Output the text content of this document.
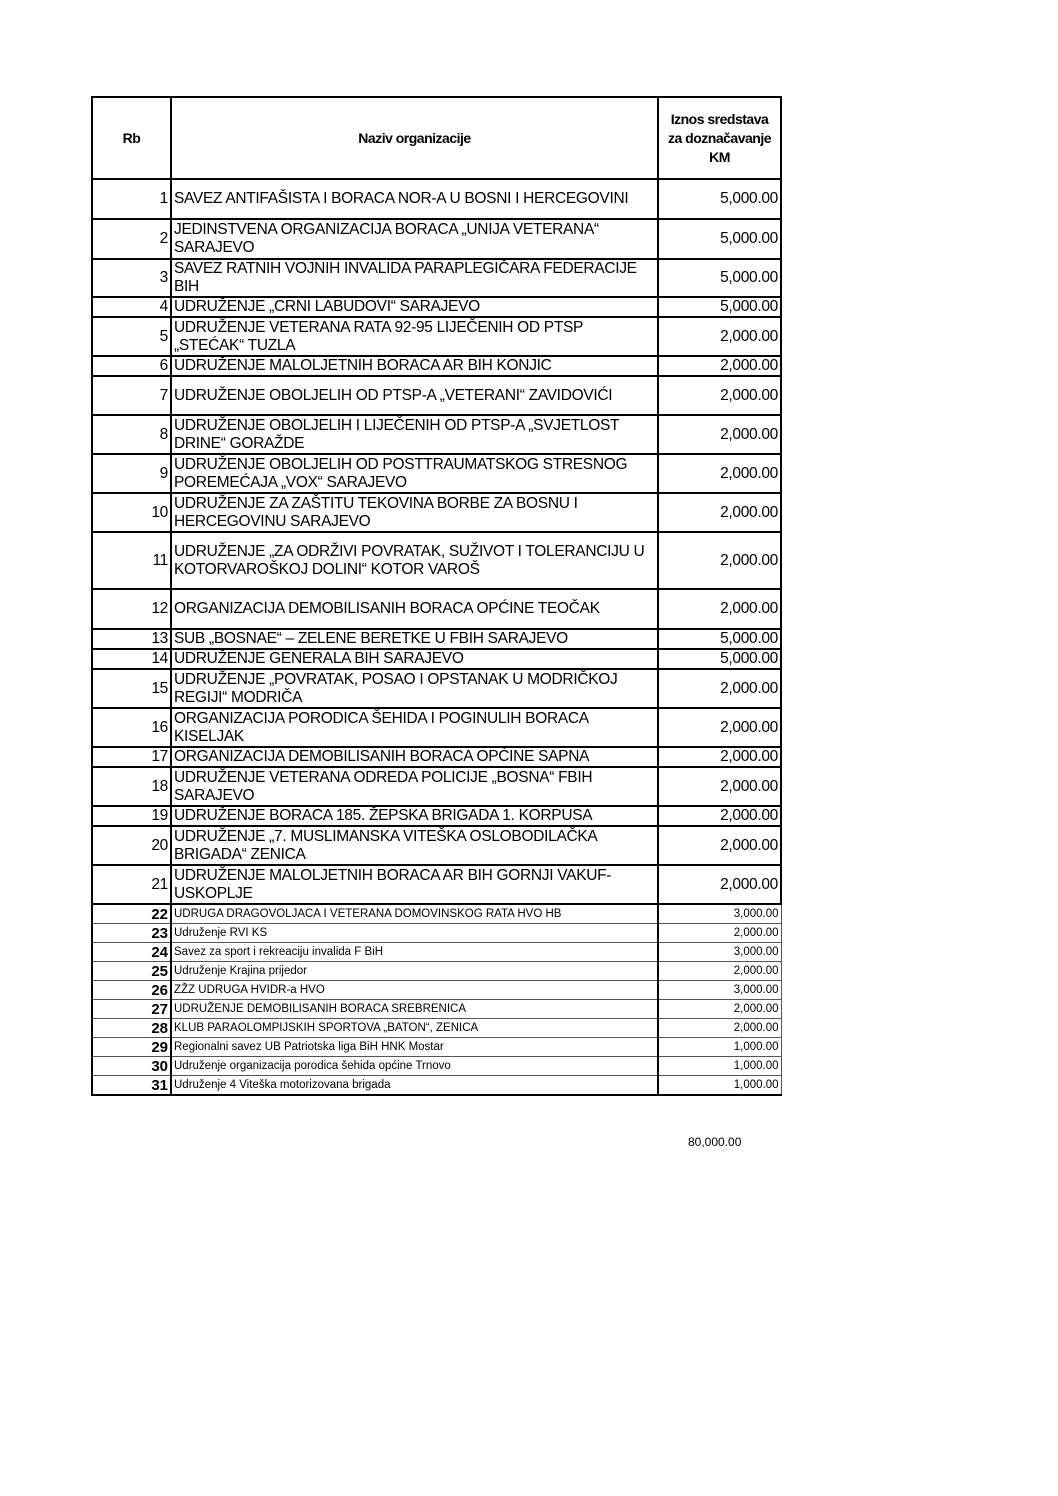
Rb	Naziv organizacije	Iznos sredstava za doznačavanje KM
1	SAVEZ ANTIFAŠISTA I BORACA NOR-A U BOSNI I HERCEGOVINI	5,000.00
2	JEDINSTVENA ORGANIZACIJA BORACA „UNIJA VETERANA“ SARAJEVO	5,000.00
3	SAVEZ RATNIH VOJNIH INVALIDA PARAPLEGIČARA FEDERACIJE BIH	5,000.00
4	UDRUŽENJE „CRNI LABUDOVI“ SARAJEVO	5,000.00
5	UDRUŽENJE VETERANA RATA 92-95 LIJEČENIH OD PTSP „STEĆAK“ TUZLA	2,000.00
6	UDRUŽENJE MALOLJETNIH BORACA AR BIH KONJIC	2,000.00
7	UDRUŽENJE OBOLJELIH OD PTSP-A „VETERANI“ ZAVIDOVIĆI	2,000.00
8	UDRUŽENJE OBOLJELIH I LIJEČENIH OD PTSP-A „SVJETLOST DRINE“ GORAŽDE	2,000.00
9	UDRUŽENJE OBOLJELIH OD POSTTRAUMATSKOG STRESNOG POREMEĆAJA „VOX“ SARAJEVO	2,000.00
10	UDRUŽENJE ZA ZAŠTITU TEKOVINA BORBE ZA BOSNU I HERCEGOVINU SARAJEVO	2,000.00
11	UDRUŽENJE „ZA ODRŽIVI POVRATAK, SUŽIVOT I TOLERANCIJU U KOTORVAROŠKOJ DOLINI“ KOTOR VAROŠ	2,000.00
12	ORGANIZACIJA DEMOBILISANIH BORACA OPĆINE TEOČAK	2,000.00
13	SUB „BOSNAE“ – ZELENE BERETKE U FBIH SARAJEVO	5,000.00
14	UDRUŽENJE GENERALA BIH SARAJEVO	5,000.00
15	UDRUŽENJE „POVRATAK, POSAO I OPSTANAK U MODRIČKOJ REGIJI“ MODRIČA	2,000.00
16	ORGANIZACIJA PORODICA ŠEHIDA I POGINULIH BORACA KISELJAK	2,000.00
17	ORGANIZACIJA DEMOBILISANIH BORACA OPĆINE SAPNA	2,000.00
18	UDRUŽENJE VETERANA ODREDA POLICIJE „BOSNA“ FBIH SARAJEVO	2,000.00
19	UDRUŽENJE BORACA 185. ŽEPSKA BRIGADA 1. KORPUSA	2,000.00
20	UDRUŽENJE „7. MUSLIMANSKA VITEŠKA OSLOBODILAČKA BRIGADA“ ZENICA	2,000.00
21	UDRUŽENJE MALOLJETNIH BORACA AR BIH GORNJI VAKUF-USKOPLJE	2,000.00
22	UDRUGA DRAGOVOLJACA I VETERANA DOMOVINSKOG RATA HVO HB	3,000.00
23	Udruženje RVI KS	2,000.00
24	Savez za sport i rekreaciju invalida F BiH	3,000.00
25	Udruženje Krajina prijedor	2,000.00
26	ZŽZ UDRUGA HVIDR-a HVO	3,000.00
27	UDRUŽENJE DEMOBILISANIH BORACA SREBRENICA	2,000.00
28	KLUB PARAOLOMPIJSKIH SPORTOVA „BATON“, ZENICA	2,000.00
29	Regionalni savez UB Patriotska liga BiH HNK Mostar	1,000.00
30	Udruženje organizacija porodica šehida općine Trnovo	1,000.00
31	Udruženje 4 Viteška motorizovana brigada	1,000.00
80,000.00
